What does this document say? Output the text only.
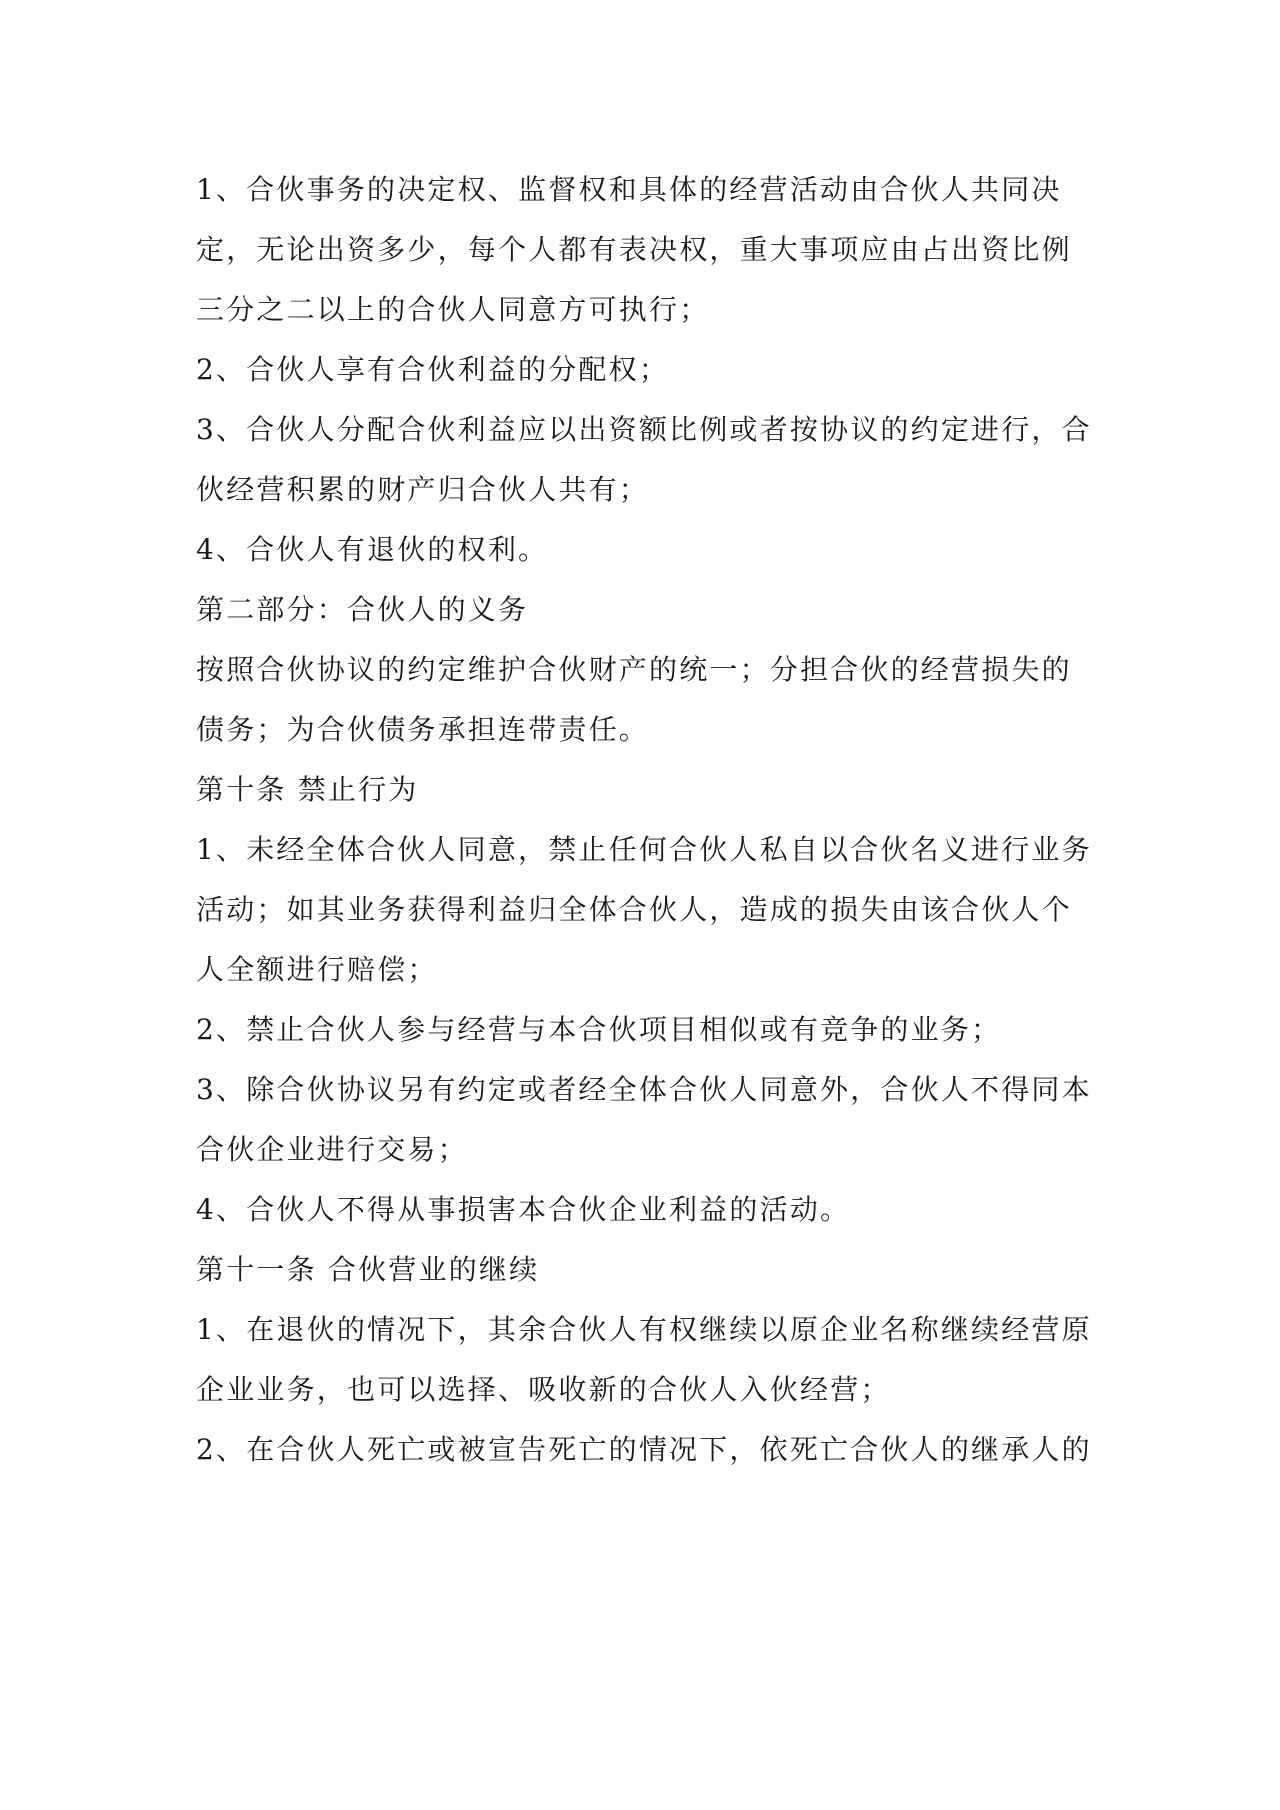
1、合伙事务的决定权、监督权和具体的经营活动由合伙人共同决定，无论出资多少，每个人都有表决权，重大事项应由占出资比例三分之二以上的合伙人同意方可执行；

2、合伙人享有合伙利益的分配权；

3、合伙人分配合伙利益应以出资额比例或者按协议的约定进行，合伙经营积累的财产归合伙人共有；

4、合伙人有退伙的权利。

第二部分：合伙人的义务

按照合伙协议的约定维护合伙财产的统一；分担合伙的经营损失的债务；为合伙债务承担连带责任。

第十条 禁止行为

1、未经全体合伙人同意，禁止任何合伙人私自以合伙名义进行业务活动；如其业务获得利益归全体合伙人，造成的损失由该合伙人个人全额进行赔偿；

2、禁止合伙人参与经营与本合伙项目相似或有竞争的业务；

3、除合伙协议另有约定或者经全体合伙人同意外，合伙人不得同本合伙企业进行交易；

4、合伙人不得从事损害本合伙企业利益的活动。

第十一条 合伙营业的继续

1、在退伙的情况下，其余合伙人有权继续以原企业名称继续经营原企业业务，也可以选择、吸收新的合伙人入伙经营；

2、在合伙人死亡或被宣告死亡的情况下，依死亡合伙人的继承人的
